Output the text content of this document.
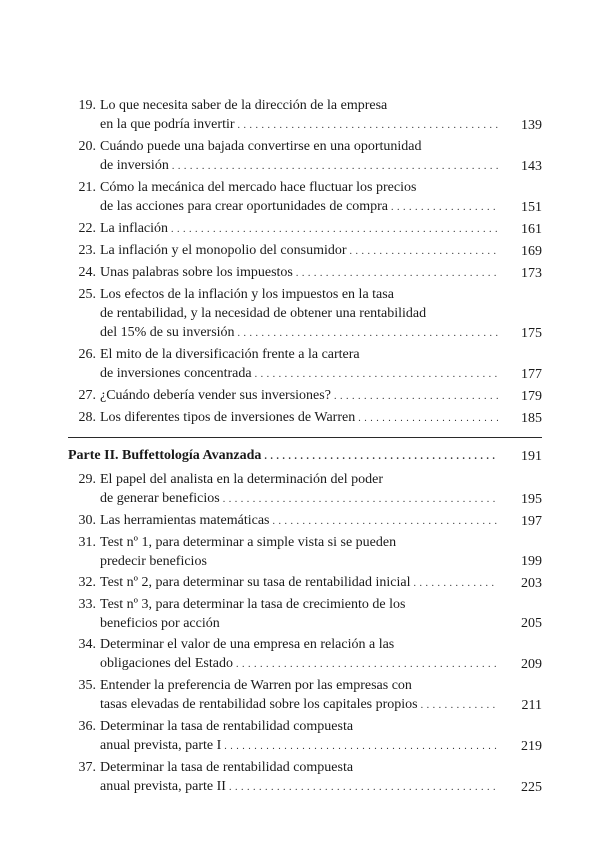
19. Lo que necesita saber de la dirección de la empresa
en la que podría invertir . . .	139
20. Cuándo puede una bajada convertirse en una oportunidad
de inversión . . .	143
21. Cómo la mecánica del mercado hace fluctuar los precios
de las acciones para crear oportunidades de compra . . .	151
22. La inflación . . .	161
23. La inflación y el monopolio del consumidor . . .	169
24. Unas palabras sobre los impuestos . . .	173
25. Los efectos de la inflación y los impuestos en la tasa
de rentabilidad, y la necesidad de obtener una rentabilidad
del 15% de su inversión . . .	175
26. El mito de la diversificación frente a la cartera
de inversiones concentrada . . .	177
27. ¿Cuándo debería vender sus inversiones? . . .	179
28. Los diferentes tipos de inversiones de Warren . . .	185
Parte II. Buffettología Avanzada . . .	191
29. El papel del analista en la determinación del poder
de generar beneficios . . .	195
30. Las herramientas matemáticas . . .	197
31. Test nº 1, para determinar a simple vista si se pueden
predecir beneficios	199
32. Test nº 2, para determinar su tasa de rentabilidad inicial . . .	203
33. Test nº 3, para determinar la tasa de crecimiento de los
beneficios por acción	205
34. Determinar el valor de una empresa en relación a las
obligaciones del Estado . . .	209
35. Entender la preferencia de Warren por las empresas con
tasas elevadas de rentabilidad sobre los capitales propios . . .	211
36. Determinar la tasa de rentabilidad compuesta
anual prevista, parte I . . .	219
37. Determinar la tasa de rentabilidad compuesta
anual prevista, parte II . . .	225
